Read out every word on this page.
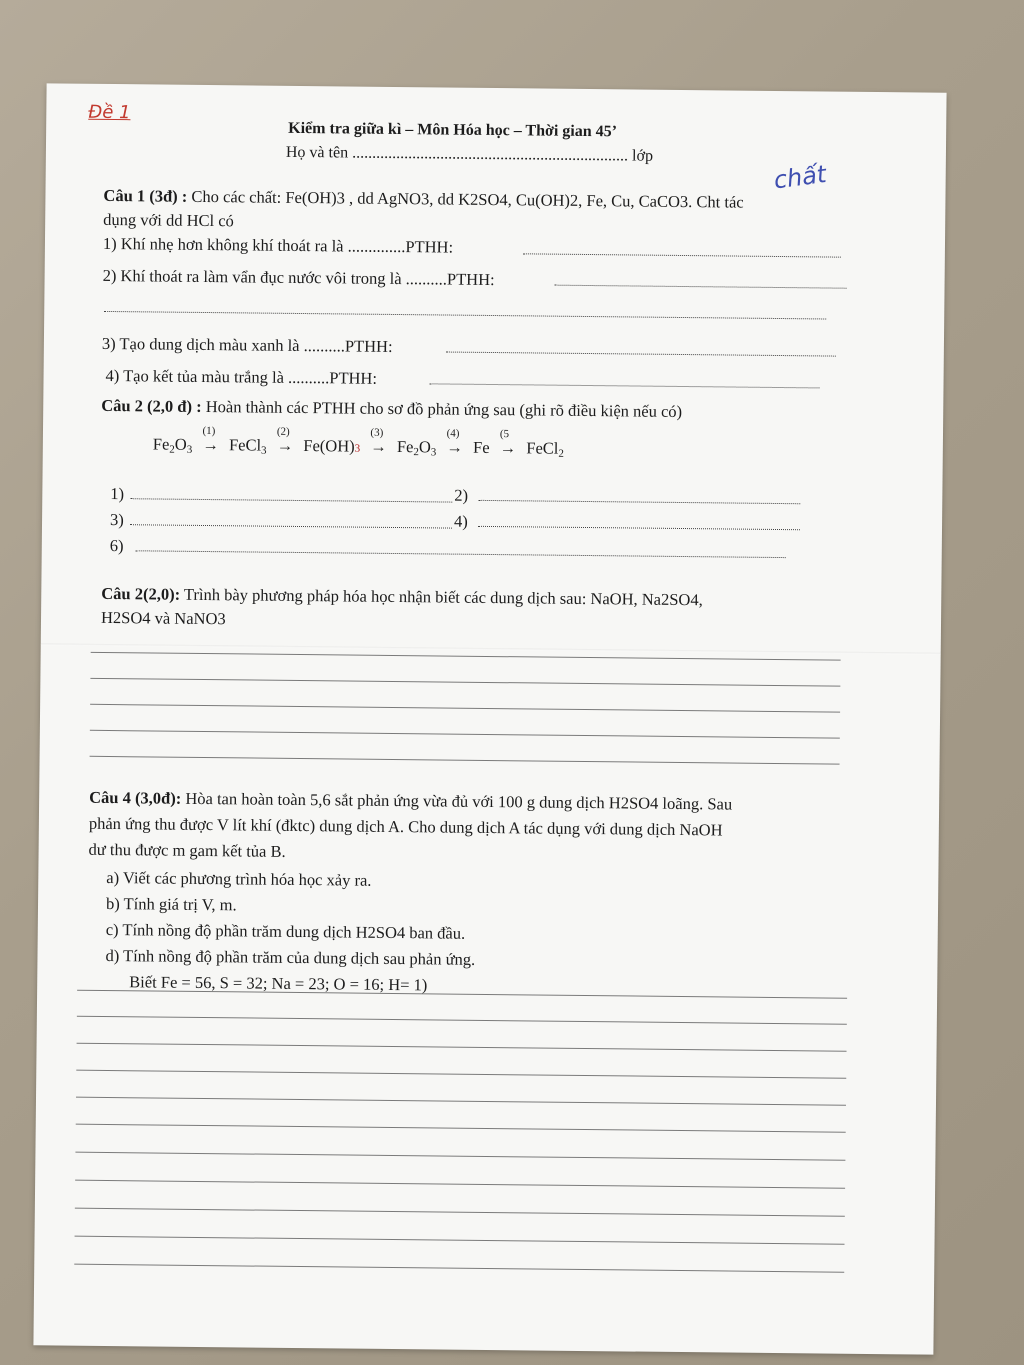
Đề 1
chất
Kiểm tra giữa kì – Môn Hóa học – Thời gian 45’
Họ và tên ..................................................................... lớp
Câu 1 (3đ) : Cho các chất: Fe(OH)3 , dd AgNO3, dd K2SO4, Cu(OH)2, Fe, Cu, CaCO3. Cht tác
dụng với dd HCl có
1) Khí nhẹ hơn không khí thoát ra là ..............PTHH:
2) Khí thoát ra làm vẩn đục nước vôi trong là ..........PTHH:
3) Tạo dung dịch màu xanh là ..........PTHH:
4) Tạo kết tủa màu trắng là ..........PTHH:
Câu 2 (2,0 đ) : Hoàn thành các PTHH cho sơ đồ phản ứng sau (ghi rõ điều kiện nếu có)
$Fe_2O_3$
(1)
→ FeCl$_3$
(2)
→ Fe(OH)3
(3)
→ $Fe_2O_3$
(4)
→ Fe
(5
→ FeCl$_2$
1)	2)
3)	4)
6)
Câu 2(2,0): Trình bày phương pháp hóa học nhận biết các dung dịch sau: NaOH, Na2SO4,
H2SO4 và NaNO3
Câu 4 (3,0đ): Hòa tan hoàn toàn 5,6 sắt phản ứng vừa đủ với 100 g dung dịch H2SO4 loãng. Sau
phản ứng thu được V lít khí (đktc) dung dịch A. Cho dung dịch A tác dụng với dung dịch NaOH
dư thu được m gam kết tủa B.
a) Viết các phương trình hóa học xảy ra.
b) Tính giá trị V, m.
c) Tính nồng độ phần trăm dung dịch H2SO4 ban đầu.
d) Tính nồng độ phần trăm của dung dịch sau phản ứng.
Biết Fe = 56, S = 32; Na = 23; O = 16; H= 1)
